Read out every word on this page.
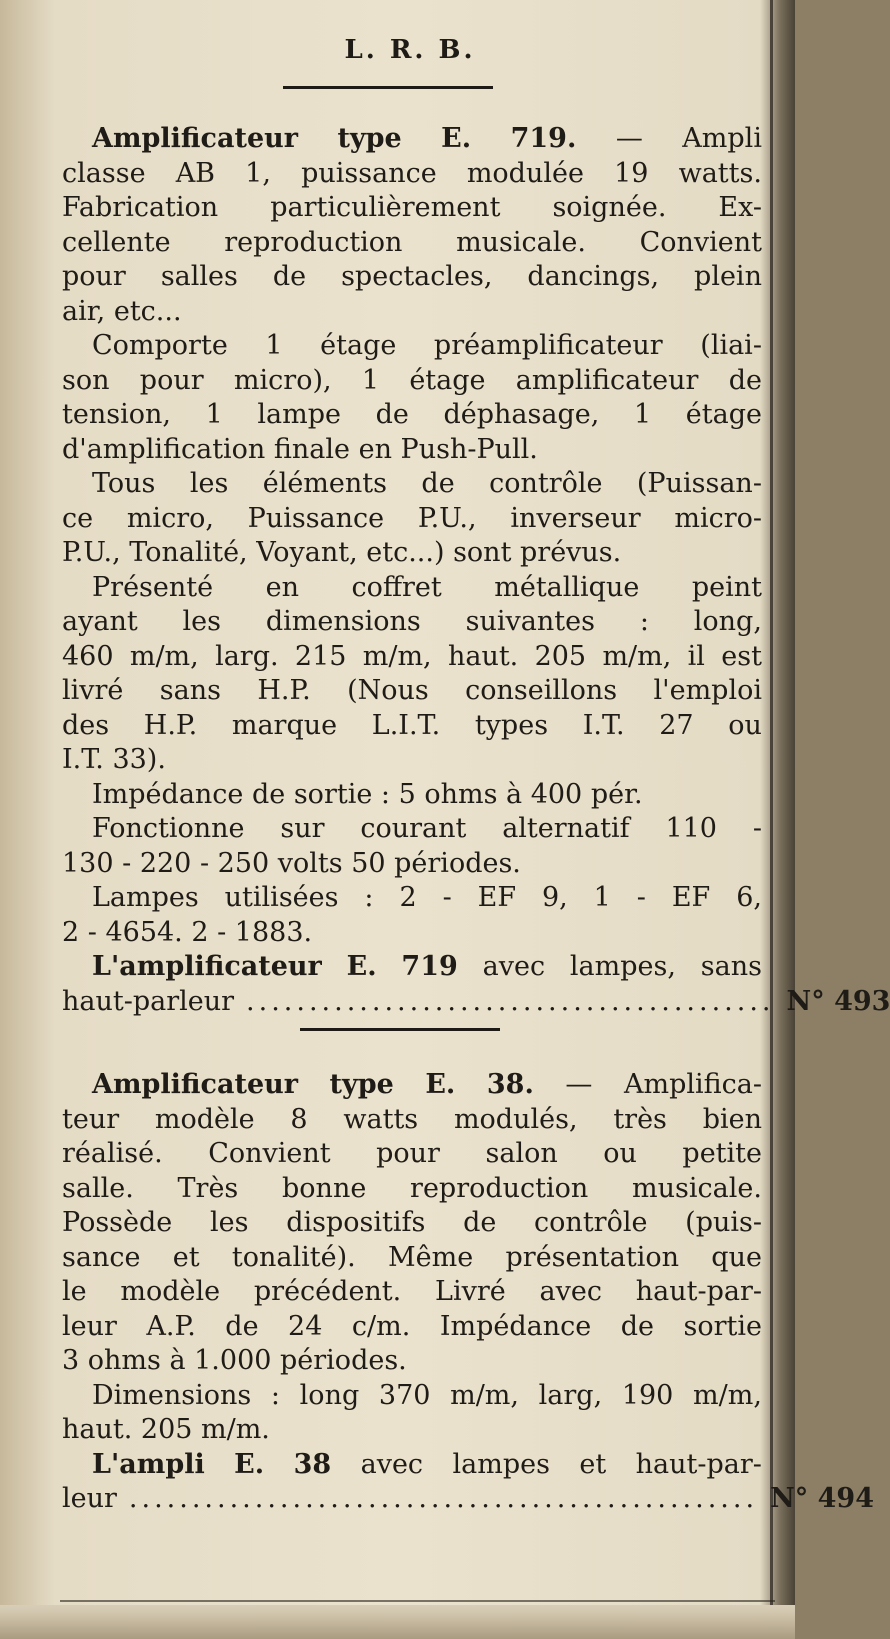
L. R. B.
Amplificateur type E. 719. — Ampli
classe AB 1, puissance modulée 19 watts.
Fabrication particulièrement soignée. Ex-
cellente reproduction musicale. Convient
pour salles de spectacles, dancings, plein
air, etc...
Comporte 1 étage préamplificateur (liai-
son pour micro), 1 étage amplificateur de
tension, 1 lampe de déphasage, 1 étage
d'amplification finale en Push-Pull.
Tous les éléments de contrôle (Puissan-
ce micro, Puissance P.U., inverseur micro-
P.U., Tonalité, Voyant, etc...) sont prévus.
Présenté en coffret métallique peint
ayant les dimensions suivantes : long,
460 m/m, larg. 215 m/m, haut. 205 m/m, il est
livré sans H.P. (Nous conseillons l'emploi
des H.P. marque L.I.T. types I.T. 27 ou
I.T. 33).
Impédance de sortie : 5 ohms à 400 pér.
Fonctionne sur courant alternatif 110 -
130 - 220 - 250 volts 50 périodes.
Lampes utilisées : 2 - EF 9, 1 - EF 6,
2 - 4654. 2 - 1883.
L'amplificateur E. 719 avec lampes, sans
haut-parleur .......................................... N° 493
Amplificateur type E. 38. — Amplifica-
teur modèle 8 watts modulés, très bien
réalisé. Convient pour salon ou petite
salle. Très bonne reproduction musicale.
Possède les dispositifs de contrôle (puis-
sance et tonalité). Même présentation que
le modèle précédent. Livré avec haut-par-
leur A.P. de 24 c/m. Impédance de sortie
3 ohms à 1.000 périodes.
Dimensions : long 370 m/m, larg, 190 m/m,
haut. 205 m/m.
L'ampli E. 38 avec lampes et haut-par-
leur .................................................. N° 494
